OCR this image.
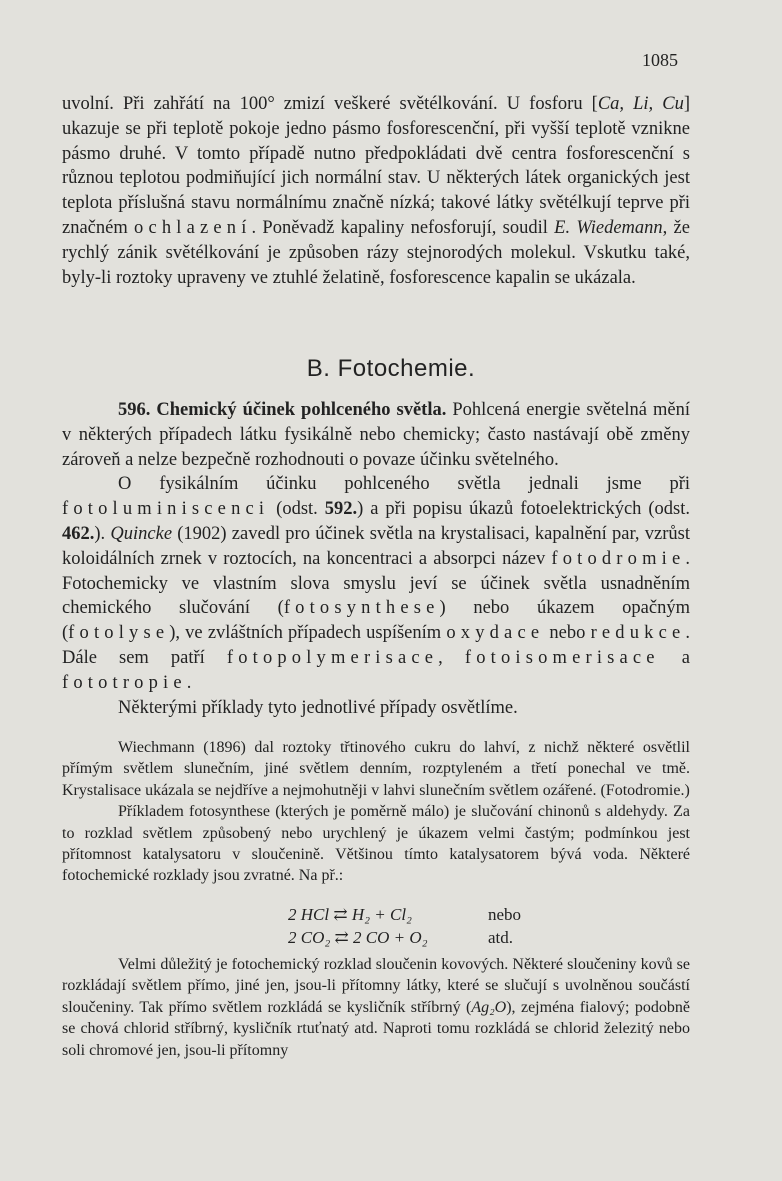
1085

uvolní. Při zahřátí na 100° zmizí veškeré světélkování. U fosforu [Ca, Li, Cu] ukazuje se při teplotě pokoje jedno pásmo fosforescenční, při vyšší teplotě vznikne pásmo druhé. V tomto případě nutno předpokládati dvě centra fosforescenční s různou teplotou podmiňující jich normální stav. U některých látek organických jest teplota příslušná stavu normálnímu značně nízká; takové látky světélkují teprve při značném ochlazení. Poněvadž kapaliny nefosforují, soudil E. Wiedemann, že rychlý zánik světélkování je způsoben rázy stejnorodých molekul. Vskutku také, byly-li roztoky upraveny ve ztuhlé želatině, fosforescence kapalin se ukázala.

B. Fotochemie.

596. Chemický účinek pohlceného světla. Pohlcená energie světelná mění v některých případech látku fysikálně nebo chemicky; často nastávají obě změny zároveň a nelze bezpečně rozhodnouti o povaze účinku světelného.

O fysikálním účinku pohlceného světla jednali jsme při fotoluminiscenci (odst. 592.) a při popisu úkazů fotoelektrických (odst. 462.). Quincke (1902) zavedl pro účinek světla na krystalisaci, kapalnění par, vzrůst koloidálních zrnek v roztocích, na koncentraci a absorpci název fotodromie. Fotochemicky ve vlastním slova smyslu jeví se účinek světla usnadněním chemického slučování (fotosynthese) nebo úkazem opačným (fotolyse), ve zvláštních případech uspíšením oxydace nebo redukce. Dále sem patří fotopolymerisace, fotoisomerisace a fototropie.

Některými příklady tyto jednotlivé případy osvětlíme.

Wiechmann (1896) dal roztoky třtinového cukru do lahví, z nichž některé osvětlil přímým světlem slunečním, jiné světlem denním, rozptyleném a třetí ponechal ve tmě. Krystalisace ukázala se nejdříve a nejmohutněji v lahvi slunečním světlem ozářené. (Fotodromie.)

Příkladem fotosynthese (kterých je poměrně málo) je slučování chinonů s aldehydy. Za to rozklad světlem způsobený nebo urychlený je úkazem velmi častým; podmínkou jest přítomnost katalysatoru v sloučenině. Většinou tímto katalysatorem bývá voda. Některé fotochemické rozklady jsou zvratné. Na př.:

2 HCl ⇄ H₂ + Cl₂	nebo
2 CO₂ ⇄ 2 CO + O₂	atd.

Velmi důležitý je fotochemický rozklad sloučenin kovových. Některé sloučeniny kovů se rozkládají světlem přímo, jiné jen, jsou-li přítomny látky, které se slučují s uvolněnou součástí sloučeniny. Tak přímo světlem rozkládá se kysličník stříbrný (Ag₂O), zejména fialový; podobně se chová chlorid stříbrný, kysličník rtuťnatý atd. Naproti tomu rozkládá se chlorid železitý nebo soli chromové jen, jsou-li přítomny
